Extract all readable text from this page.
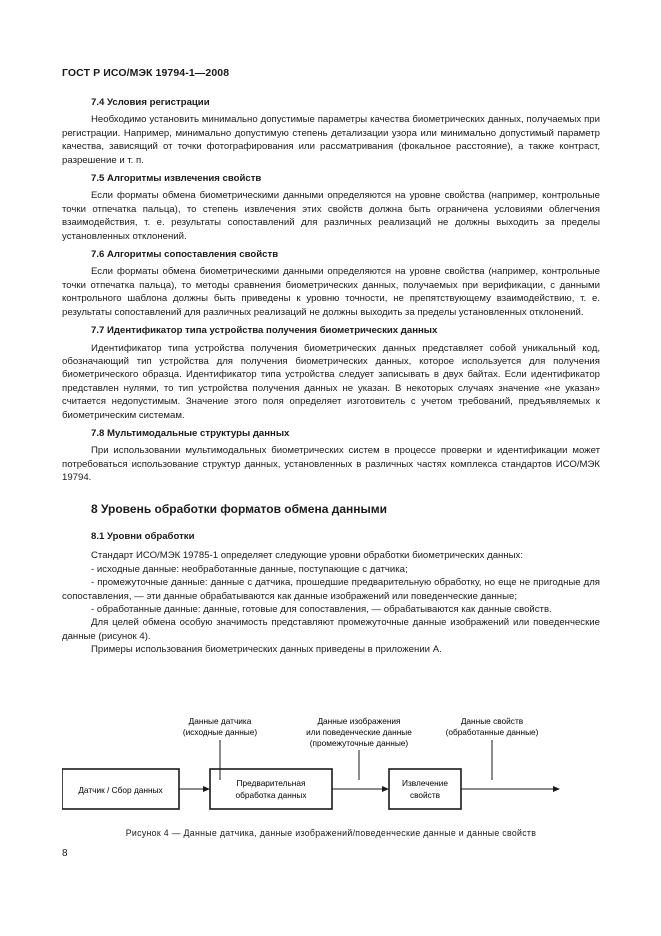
ГОСТ Р ИСО/МЭК 19794-1—2008
7.4 Условия регистрации
Необходимо установить минимально допустимые параметры качества биометрических данных, получаемых при регистрации. Например, минимально допустимую степень детализации узора или минимально допустимый параметр качества, зависящий от точки фотографирования или рассматривания (фокальное расстояние), а также контраст, разрешение и т. п.
7.5 Алгоритмы извлечения свойств
Если форматы обмена биометрическими данными определяются на уровне свойства (например, контрольные точки отпечатка пальца), то степень извлечения этих свойств должна быть ограничена условиями облегчения взаимодействия, т. е. результаты сопоставлений для различных реализаций не должны выходить за пределы установленных отклонений.
7.6 Алгоритмы сопоставления свойств
Если форматы обмена биометрическими данными определяются на уровне свойства (например, контрольные точки отпечатка пальца), то методы сравнения биометрических данных, получаемых при верификации, с данными контрольного шаблона должны быть приведены к уровню точности, не препятствующему взаимодействию, т. е. результаты сопоставлений для различных реализаций не должны выходить за пределы установленных отклонений.
7.7 Идентификатор типа устройства получения биометрических данных
Идентификатор типа устройства получения биометрических данных представляет собой уникальный код, обозначающий тип устройства для получения биометрических данных, которое используется для получения биометрического образца. Идентификатор типа устройства следует записывать в двух байтах. Если идентификатор представлен нулями, то тип устройства получения данных не указан. В некоторых случаях значение «не указан» считается недопустимым. Значение этого поля определяет изготовитель с учетом требований, предъявляемых к биометрическим системам.
7.8 Мультимодальные структуры данных
При использовании мультимодальных биометрических систем в процессе проверки и идентификации может потребоваться использование структур данных, установленных в различных частях комплекса стандартов ИСО/МЭК 19794.
8 Уровень обработки форматов обмена данными
8.1 Уровни обработки
Стандарт ИСО/МЭК 19785-1 определяет следующие уровни обработки биометрических данных:
- исходные данные: необработанные данные, поступающие с датчика;
- промежуточные данные: данные с датчика, прошедшие предварительную обработку, но еще не пригодные для сопоставления, — эти данные обрабатываются как данные изображений или поведенческие данные;
- обработанные данные: данные, готовые для сопоставления, — обрабатываются как данные свойств.
Для целей обмена особую значимость представляют промежуточные данные изображений или поведенческие данные (рисунок 4).
Примеры использования биометрических данных приведены в приложении А.
Данные датчика
(исходные данные)
Данные изображения
или поведенческие данные
(промежуточные данные)
Данные свойств
(обработанные данные)
Датчик / Сбор данных
Предварительная
обработка данных
Извлечение
свойств
Рисунок 4 — Данные датчика, данные изображений/поведенческие данные и данные свойств
8
